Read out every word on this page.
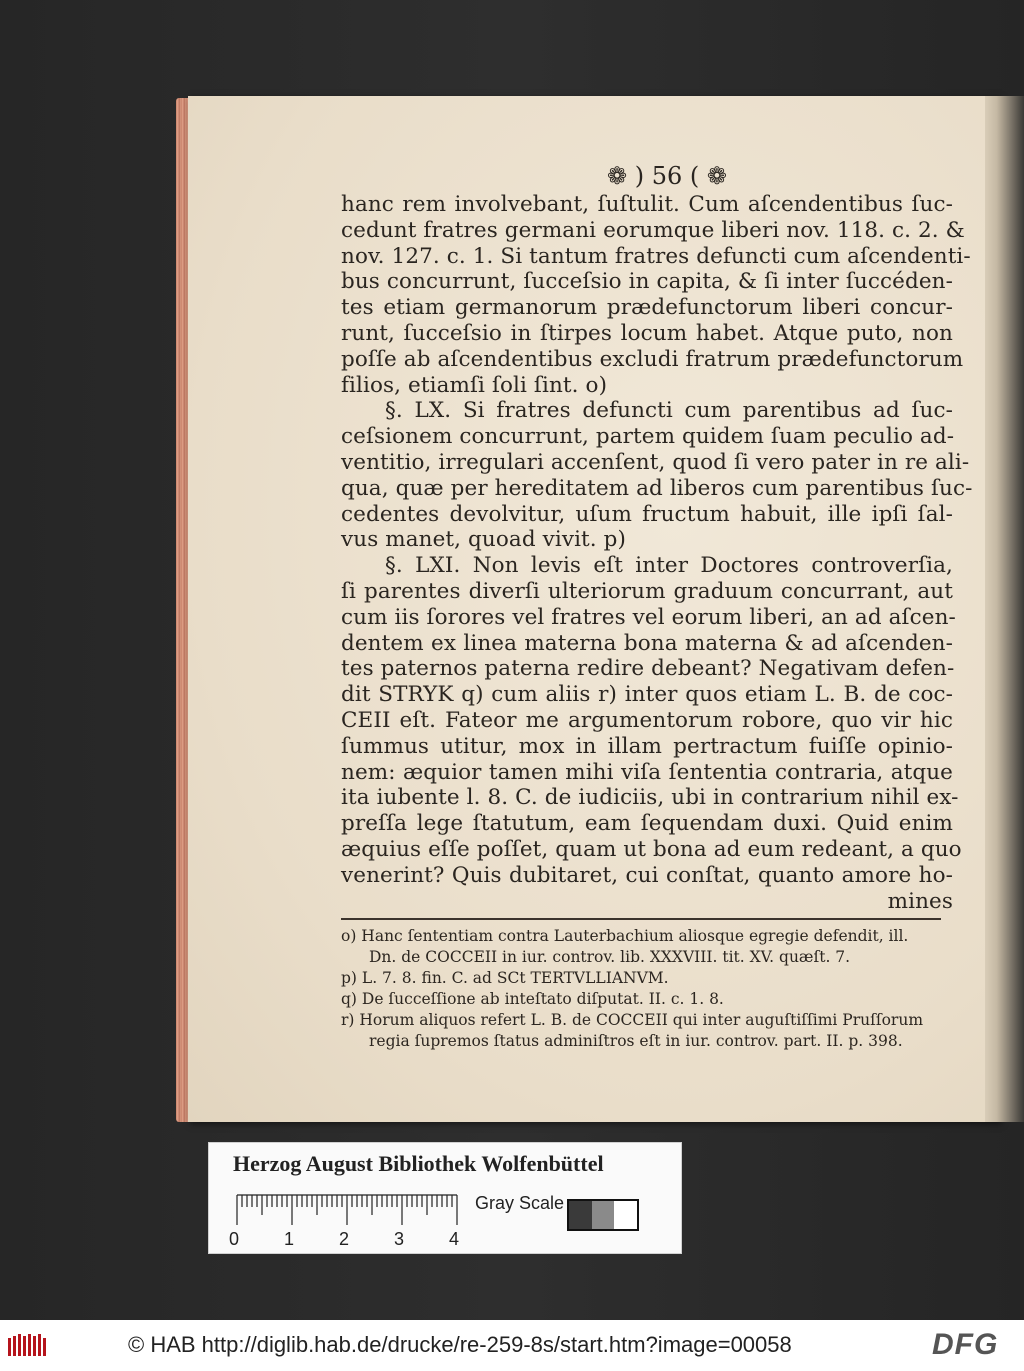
❁ ) 56 ( ❁
hanc rem involvebant, ſuſtulit. Cum aſcendentibus ſuc-
cedunt fratres germani eorumque liberi nov. 118. c. 2. &
nov. 127. c. 1. Si tantum fratres defuncti cum aſcendenti-
bus concurrunt, ſucceſsio in capita, & ſi inter ſuccéden-
tes etiam germanorum prædefunctorum liberi concur-
runt, ſucceſsio in ſtirpes locum habet. Atque puto, non
poſſe ab aſcendentibus excludi fratrum prædefunctorum
filios, etiamſi ſoli ſint. o)
§. LX. Si fratres defuncti cum parentibus ad ſuc-
ceſsionem concurrunt, partem quidem ſuam peculio ad-
ventitio, irregulari accenſent, quod ſi vero pater in re ali-
qua, quæ per hereditatem ad liberos cum parentibus ſuc-
cedentes devolvitur, uſum fructum habuit, ille ipſi ſal-
vus manet, quoad vivit. p)
§. LXI. Non levis eſt inter Doctores controverſia,
ſi parentes diverſi ulteriorum graduum concurrant, aut
cum iis ſorores vel fratres vel eorum liberi, an ad aſcen-
dentem ex linea materna bona materna & ad aſcenden-
tes paternos paterna redire debeant? Negativam defen-
dit STRYK q) cum aliis r) inter quos etiam L. B. de coc-
CEII eſt. Fateor me argumentorum robore, quo vir hic
ſummus utitur, mox in illam pertractum fuiſſe opinio-
nem: æquior tamen mihi viſa ſententia contraria, atque
ita iubente l. 8. C. de iudiciis, ubi in contrarium nihil ex-
preſſa lege ſtatutum, eam ſequendam duxi. Quid enim
æquius eſſe poſſet, quam ut bona ad eum redeant, a quo
venerint? Quis dubitaret, cui conſtat, quanto amore ho-
mines
o) Hanc ſententiam contra Lauterbachium aliosque egregie defendit, ill.
Dn. de COCCEII in iur. controv. lib. XXXVIII. tit. XV. quæſt. 7.
p) L. 7. 8. fin. C. ad SCt TERTVLLIANVM.
q) De ſucceſſione ab inteſtato diſputat. II. c. 1. 8.
r) Horum aliquos refert L. B. de COCCEII qui inter auguſtiſſimi Pruſſorum
regia ſupremos ſtatus adminiſtros eſt in iur. controv. part. II. p. 398.
Herzog August Bibliothek Wolfenbüttel
Gray Scale
0 1 2 3 4
© HAB http://diglib.hab.de/drucke/re-259-8s/start.htm?image=00058	DFG
